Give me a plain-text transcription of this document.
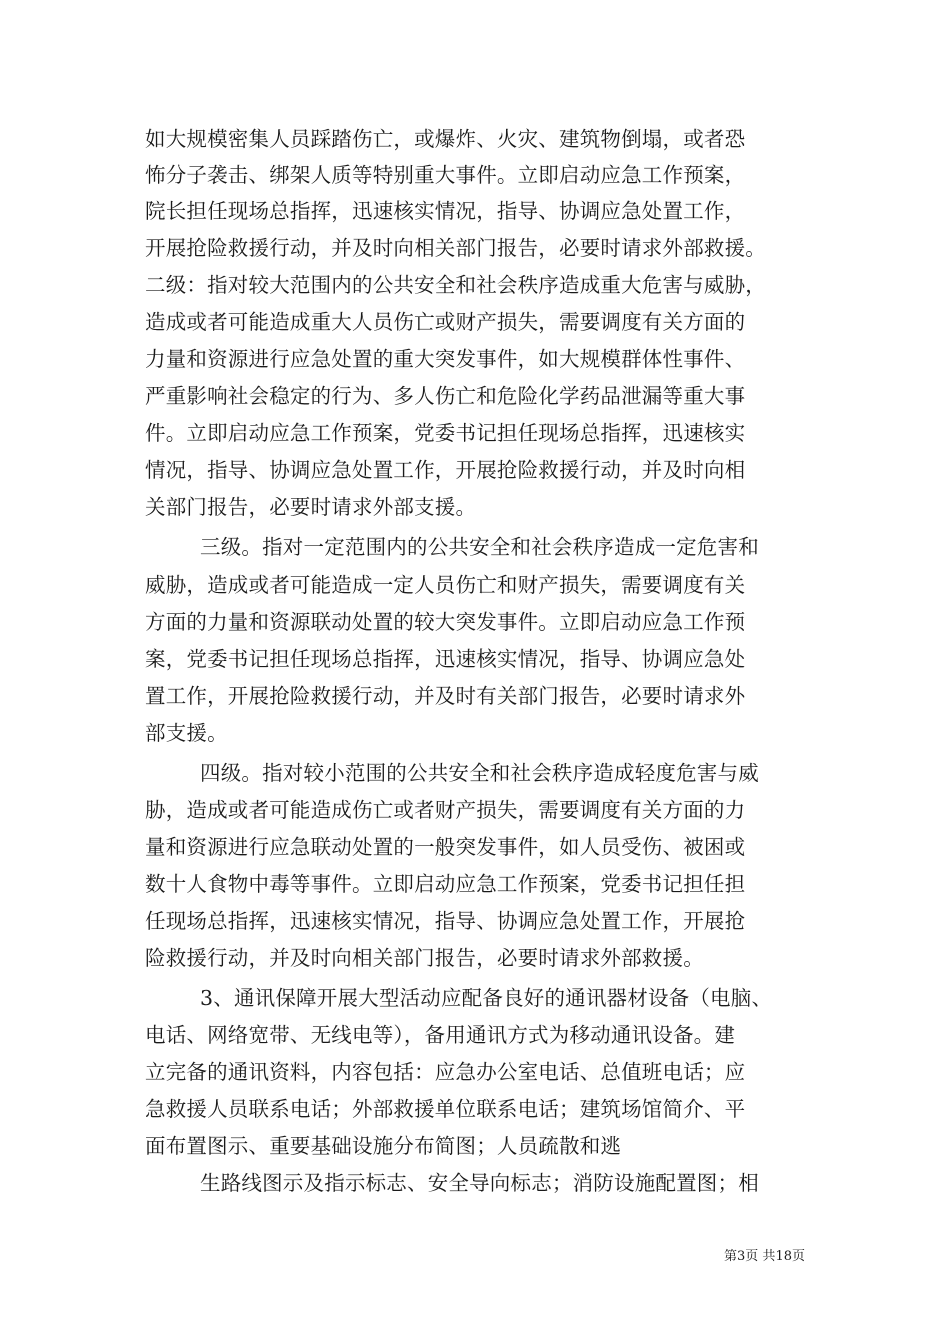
如大规模密集人员踩踏伤亡，或爆炸、火灾、建筑物倒塌，或者恐
怖分子袭击、绑架人质等特别重大事件。立即启动应急工作预案，
院长担任现场总指挥，迅速核实情况，指导、协调应急处置工作，
开展抢险救援行动，并及时向相关部门报告，必要时请求外部救援。
二级：指对较大范围内的公共安全和社会秩序造成重大危害与威胁，
造成或者可能造成重大人员伤亡或财产损失，需要调度有关方面的
力量和资源进行应急处置的重大突发事件，如大规模群体性事件、
严重影响社会稳定的行为、多人伤亡和危险化学药品泄漏等重大事
件。立即启动应急工作预案，党委书记担任现场总指挥，迅速核实
情况，指导、协调应急处置工作，开展抢险救援行动，并及时向相
关部门报告，必要时请求外部支援。
三级。指对一定范围内的公共安全和社会秩序造成一定危害和
威胁，造成或者可能造成一定人员伤亡和财产损失，需要调度有关
方面的力量和资源联动处置的较大突发事件。立即启动应急工作预
案，党委书记担任现场总指挥，迅速核实情况，指导、协调应急处
置工作，开展抢险救援行动，并及时有关部门报告，必要时请求外
部支援。
四级。指对较小范围的公共安全和社会秩序造成轻度危害与威
胁，造成或者可能造成伤亡或者财产损失，需要调度有关方面的力
量和资源进行应急联动处置的一般突发事件，如人员受伤、被困或
数十人食物中毒等事件。立即启动应急工作预案，党委书记担任担
任现场总指挥，迅速核实情况，指导、协调应急处置工作，开展抢
险救援行动，并及时向相关部门报告，必要时请求外部救援。
3、通讯保障开展大型活动应配备良好的通讯器材设备（电脑、
电话、网络宽带、无线电等），备用通讯方式为移动通讯设备。建
立完备的通讯资料，内容包括：应急办公室电话、总值班电话；应
急救援人员联系电话；外部救援单位联系电话；建筑场馆简介、平
面布置图示、重要基础设施分布简图；人员疏散和逃
生路线图示及指示标志、安全导向标志；消防设施配置图；相
第3页 共18页
